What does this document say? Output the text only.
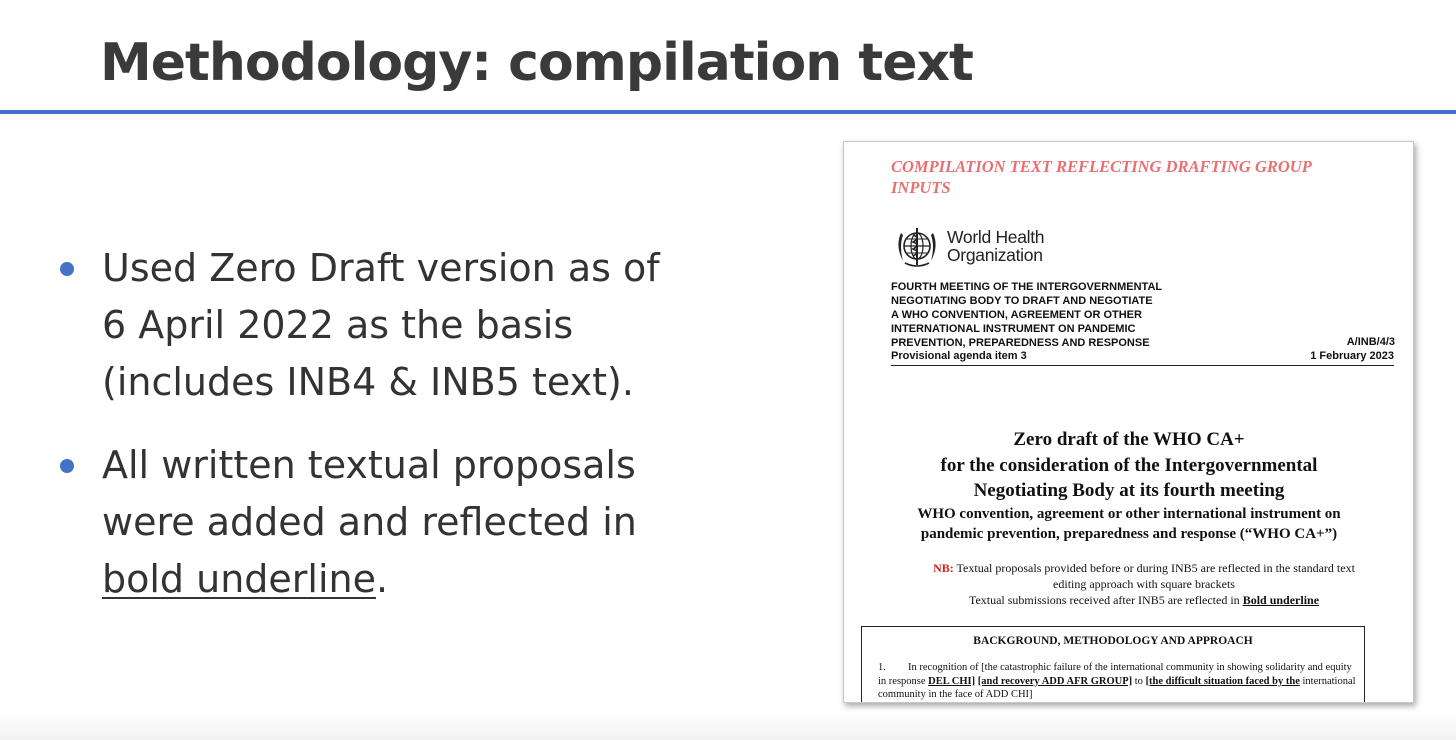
Methodology: compilation text
Used Zero Draft version as of
6 April 2022 as the basis
(includes INB4 & INB5 text).
All written textual proposals
were added and reflected in
bold underline.

COMPILATION TEXT REFLECTING DRAFTING GROUP INPUTS

World Health
Organization
FOURTH MEETING OF THE INTERGOVERNMENTAL
NEGOTIATING BODY TO DRAFT AND NEGOTIATE
A WHO CONVENTION, AGREEMENT OR OTHER
INTERNATIONAL INSTRUMENT ON PANDEMIC
PREVENTION, PREPAREDNESS AND RESPONSE	A/INB/4/3
Provisional agenda item 3	1 February 2023

Zero draft of the WHO CA+

for the consideration of the Intergovernmental

Negotiating Body at its fourth meeting

WHO convention, agreement or other international instrument on

pandemic prevention, preparedness and response (“WHO CA+”)

NB: Textual proposals provided before or during INB5 are reflected in the standard text
editing approach with square brackets
Textual submissions received after INB5 are reflected in Bold underline

BACKGROUND, METHODOLOGY AND APPROACH

1. In recognition of [the catastrophic failure of the international community in showing solidarity and equity in response DEL CHI] [and recovery ADD AFR GROUP] to [the difficult situation faced by the international community in the face of ADD CHI]
